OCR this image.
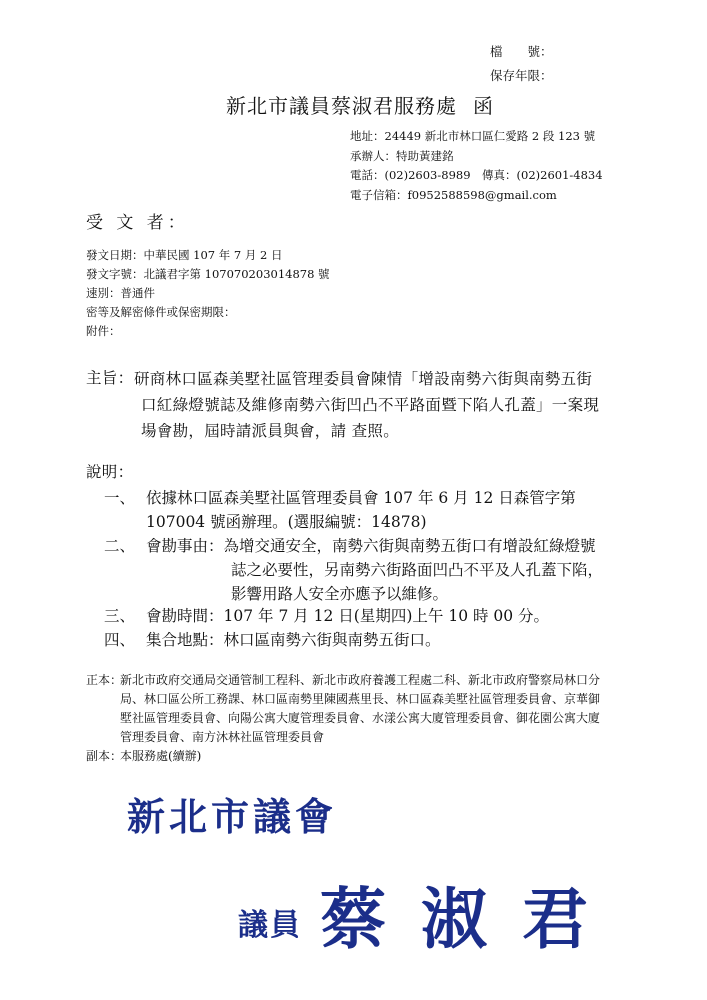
檔　　號：
保存年限：
新北市議員蔡淑君服務處 函
地址：24449 新北市林口區仁愛路 2 段 123 號
承辦人：特助黃建銘
電話：(02)2603-8989　傳真：(02)2601-4834
電子信箱：f0952588598@gmail.com
受 文 者：
發文日期：中華民國 107 年 7 月 2 日
發文字號：北議君字第 107070203014878 號
速別：普通件
密等及解密條件或保密期限：
附件：
主旨： 研商林口區森美墅社區管理委員會陳情「增設南勢六街與南勢五街
口紅綠燈號誌及維修南勢六街凹凸不平路面暨下陷人孔蓋」一案現
場會勘，屆時請派員與會，請 查照。
說明：
一、 依據林口區森美墅社區管理委員會 107 年 6 月 12 日森管字第
107004 號函辦理。(選服編號：14878)
二、 會勘事由：為增交通安全，南勢六街與南勢五街口有增設紅綠燈號
誌之必要性，另南勢六街路面凹凸不平及人孔蓋下陷，
影響用路人安全亦應予以維修。
三、 會勘時間：107 年 7 月 12 日(星期四)上午 10 時 00 分。
四、 集合地點：林口區南勢六街與南勢五街口。
正本：
新北市政府交通局交通管制工程科、新北市政府養護工程處二科、新北市政府警察局林口分
局、林口區公所工務課、林口區南勢里陳國燕里長、林口區森美墅社區管理委員會、京華御
墅社區管理委員會、向陽公寓大廈管理委員會、水漾公寓大廈管理委員會、御花園公寓大廈
管理委員會、南方沐林社區管理委員會
副本：
本服務處(續辦)
新北市議會
議員 蔡 淑 君
